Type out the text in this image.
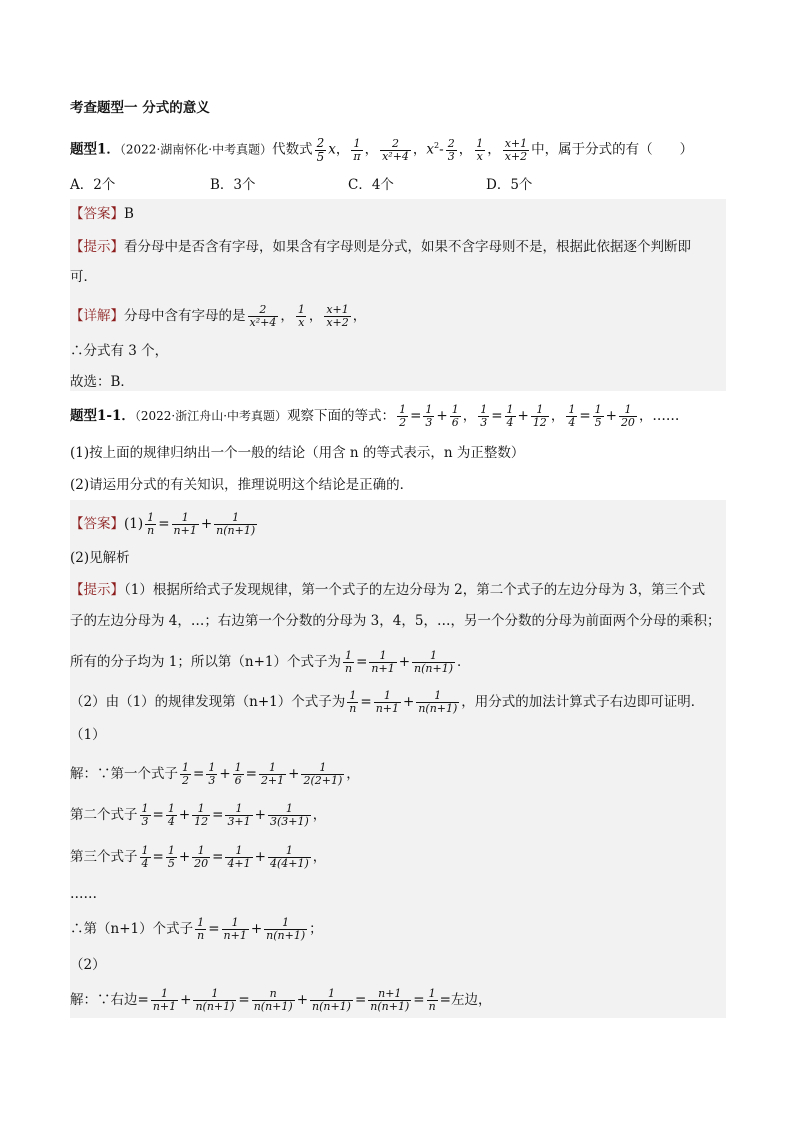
考查题型一 分式的意义
题型1．（2022·湖南怀化·中考真题）代数式 $\frac{2}{5}$ x， $\frac{1}{\pi}$ ， $\frac{2}{\text{x²+4}}$ ，$x^2- \frac{2}{3}$ ， $\frac{1}{x}$ ， $\frac{x+1}{x+2}$ 中，属于分式的有（　　）
A．2个	B．3个	C．4个	D．5个
【答案】B
【提示】看分母中是否含有字母，如果含有字母则是分式，如果不含字母则不是，根据此依据逐个判断即
可．
【详解】分母中含有字母的是 $\frac{2}{\text{x²+4}}$ ， $\frac{1}{x}$ ， $\frac{x+1}{x+2}$ ，
∴分式有 3 个，
故选：B．
题型1-1．（2022·浙江舟山·中考真题）观察下面的等式： $\frac{1}{2} = \frac{1}{3} + \frac{1}{6}$ ， $\frac{1}{3} = \frac{1}{4} + \frac{1}{12}$ ， $\frac{1}{4} = \frac{1}{5} + \frac{1}{20}$ ，……
(1)按上面的规律归纳出一个一般的结论（用含 n 的等式表示，n 为正整数）
(2)请运用分式的有关知识，推理说明这个结论是正确的．
【答案】$(1) \frac{1}{n} = \frac{1}{n+1} + \frac{1}{n(n+1)}$
(2)见解析
【提示】（1）根据所给式子发现规律，第一个式子的左边分母为 2，第二个式子的左边分母为 3，第三个式
子的左边分母为 4，…；右边第一个分数的分母为 3，4，5，…，另一个分数的分母为前面两个分母的乘积；
所有的分子均为 1；所以第（n+1）个式子为 $\frac{1}{n} = \frac{1}{n+1} + \frac{1}{n(n+1)}$ ．
（2）由（1）的规律发现第（n+1）个式子为 $\frac{1}{n} = \frac{1}{n+1} + \frac{1}{n(n+1)}$ ，用分式的加法计算式子右边即可证明．
（1）
解：∵第一个式子 $\frac{1}{2} = \frac{1}{3} + \frac{1}{6} = \frac{1}{2+1} + \frac{1}{2(2+1)}$ ，
第二个式子 $\frac{1}{3} = \frac{1}{4} + \frac{1}{12} = \frac{1}{3+1} + \frac{1}{3(3+1)}$ ，
第三个式子 $\frac{1}{4} = \frac{1}{5} + \frac{1}{20} = \frac{1}{4+1} + \frac{1}{4(4+1)}$ ，
……
∴第（n+1）个式子 $\frac{1}{n} = \frac{1}{n+1} + \frac{1}{n(n+1)}$ ；
（2）
解：∵右边= $\frac{1}{n+1} + \frac{1}{n(n+1)} = \frac{n}{n(n+1)} + \frac{1}{n(n+1)} = \frac{n+1}{n(n+1)} = \frac{1}{n}$ =左边，
